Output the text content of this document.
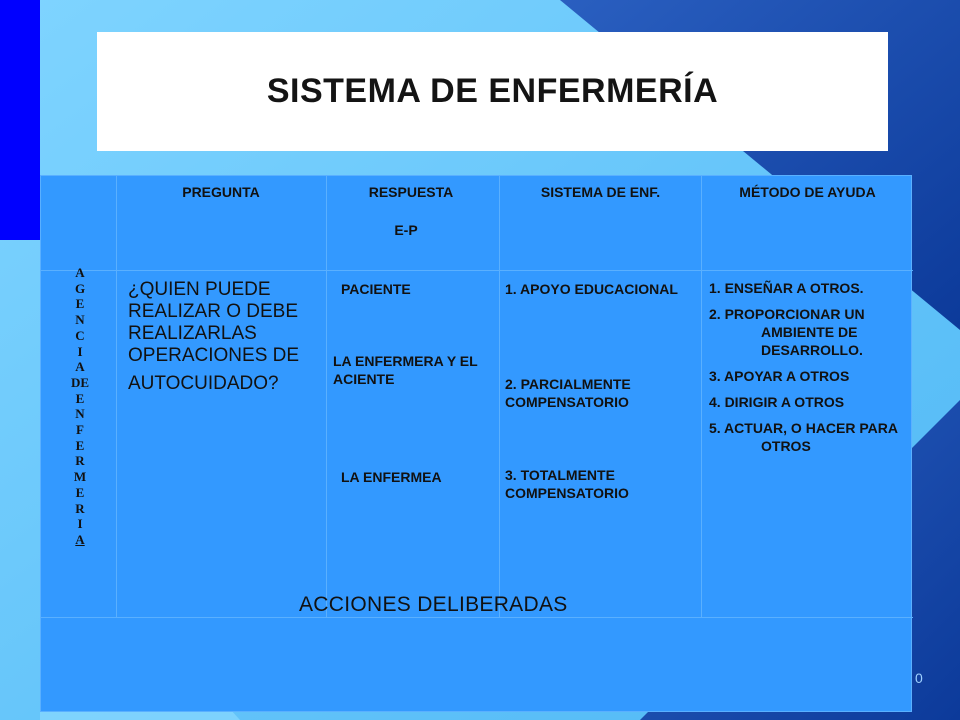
SISTEMA DE ENFERMERÍA
PREGUNTA	RESPUESTA
E-P
SISTEMA DE ENF.	MÉTODO DE AYUDA
A
G
E
N
C
I
A
DE
E
N
F
E
R
M
E
R
I
A
¿QUIEN PUEDE REALIZAR O DEBE REALIZARLAS OPERACIONES DE
AUTOCUIDADO?
PACIENTE
LA ENFERMERA Y EL ACIENTE
LA ENFERMEA
1. APOYO EDUCACIONAL
2. PARCIALMENTE COMPENSATORIO
3. TOTALMENTE COMPENSATORIO
1. ENSEÑAR A OTROS.
2. PROPORCIONAR UN AMBIENTE DE DESARROLLO.
3. APOYAR A OTROS
4. DIRIGIR A OTROS
5. ACTUAR, O HACER PARA OTROS
ACCIONES DELIBERADAS
0
